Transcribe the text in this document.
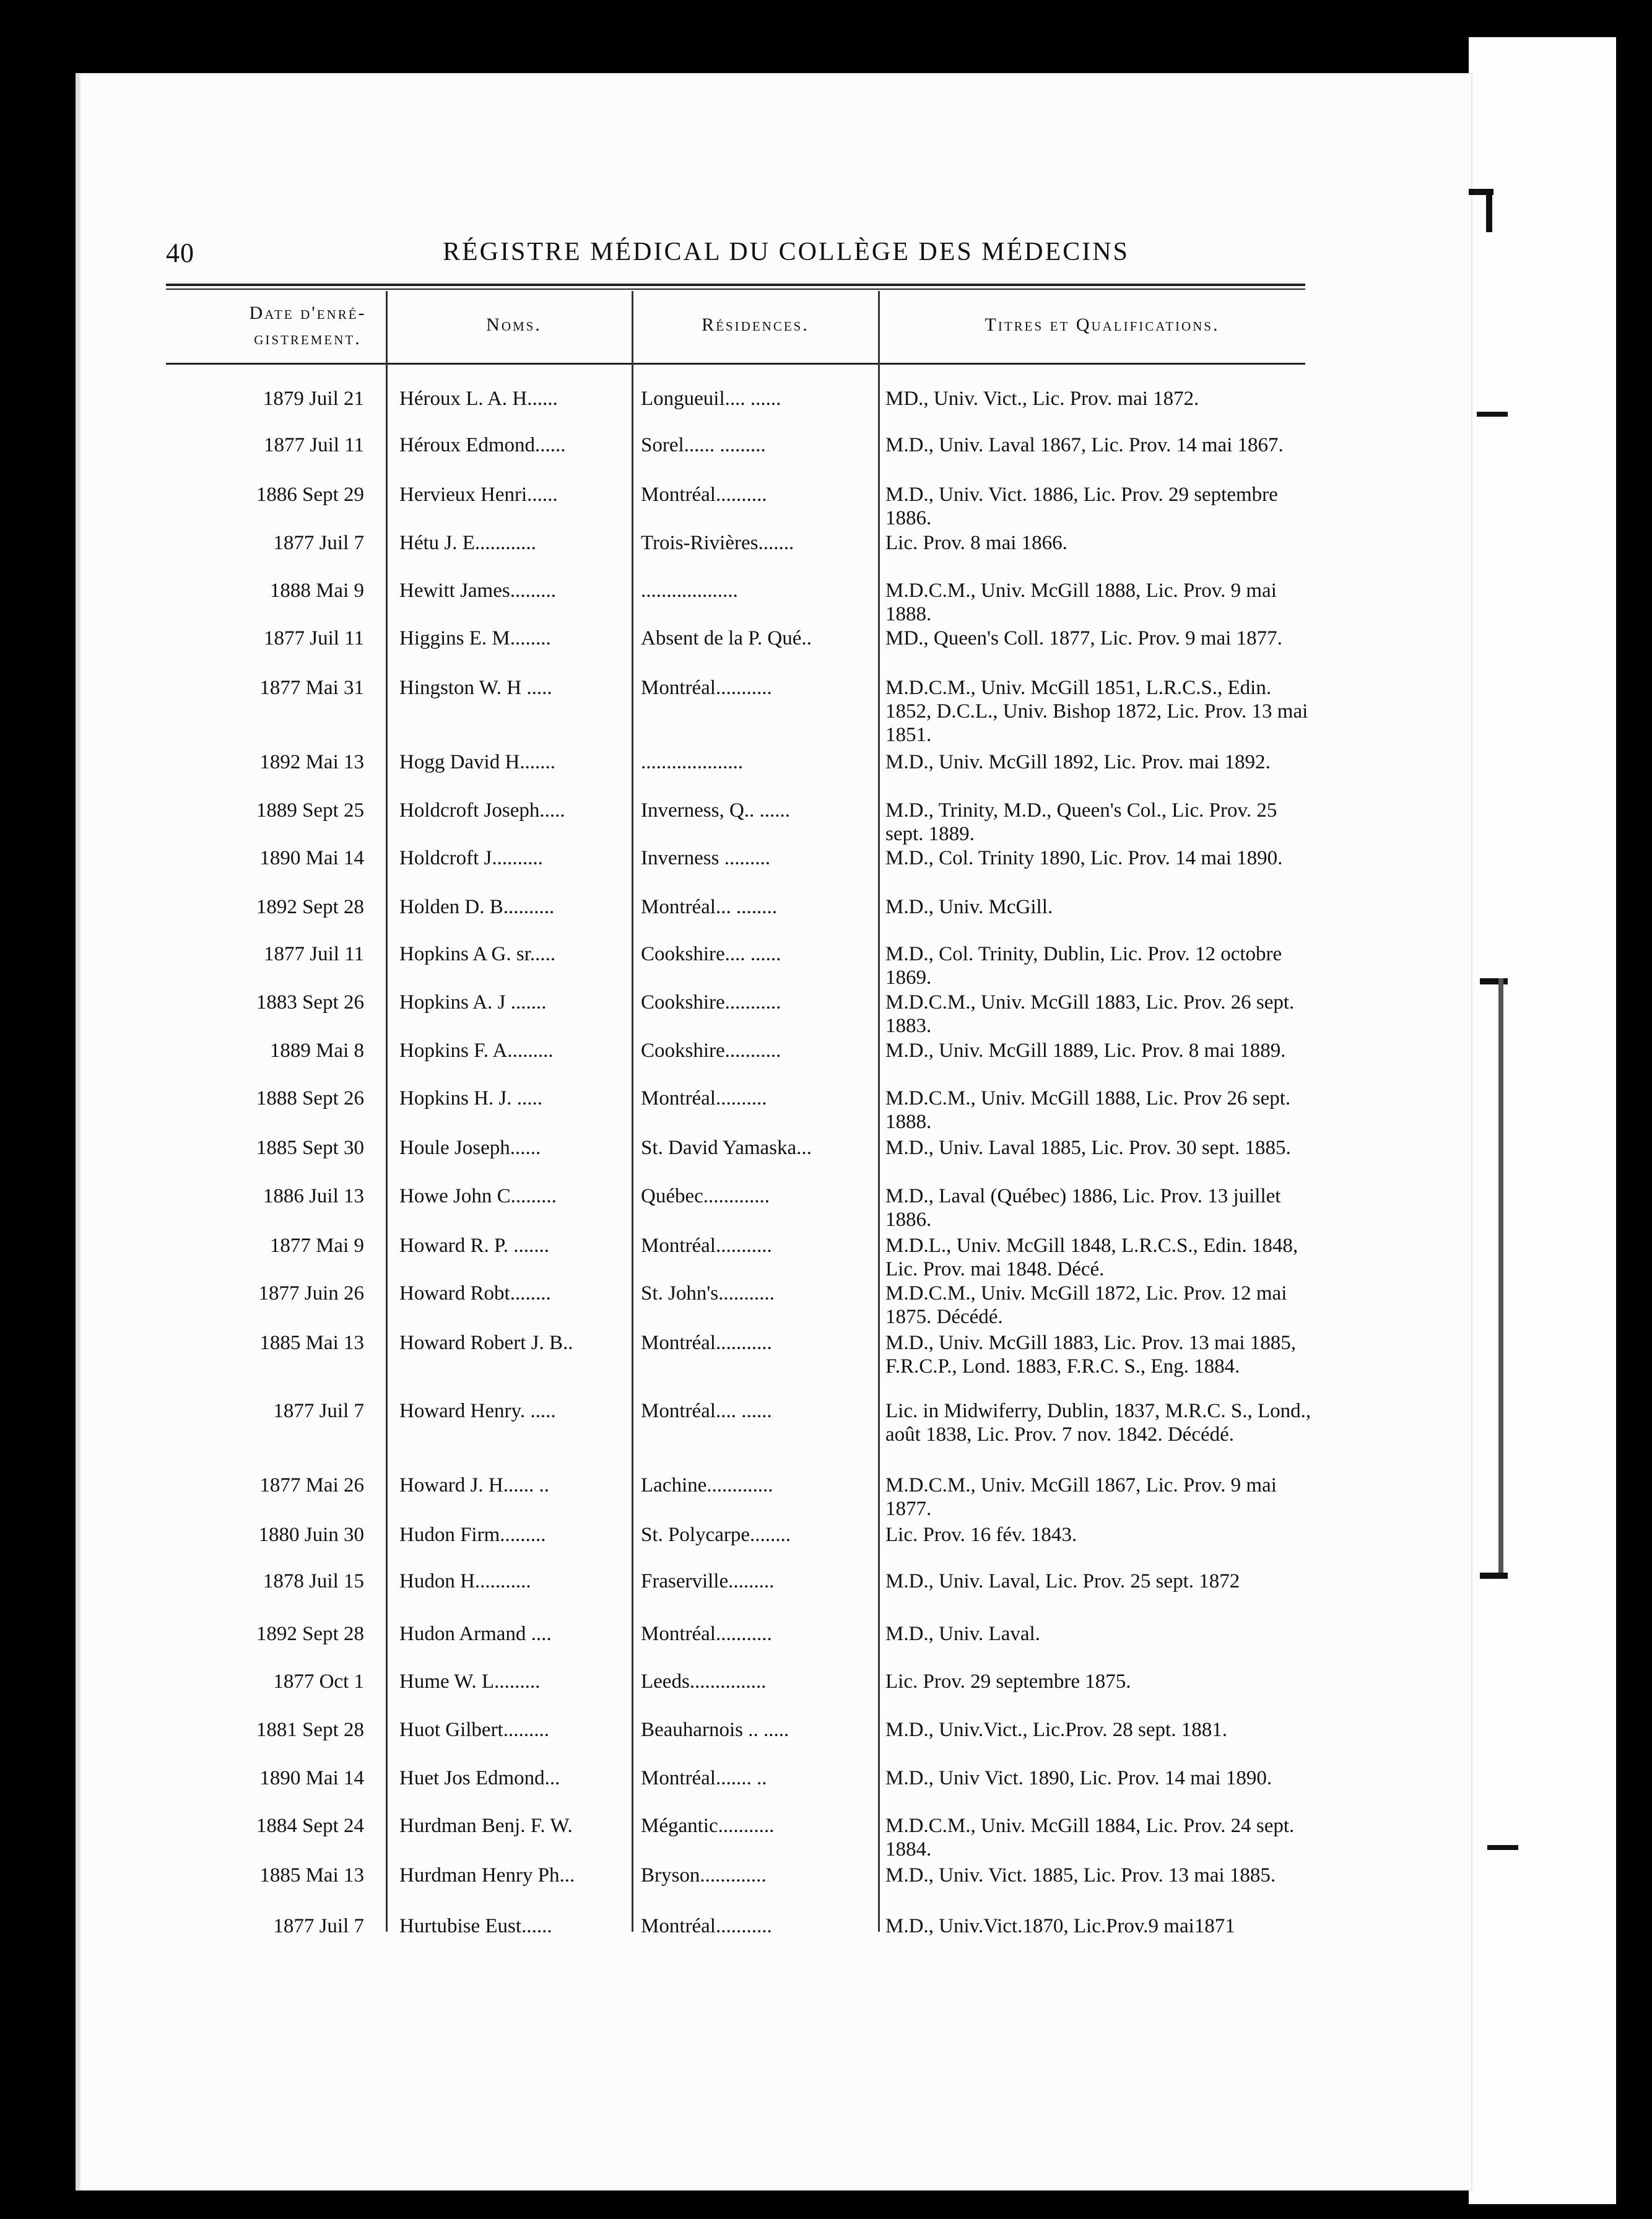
40	RÉGISTRE MÉDICAL DU COLLÈGE DES MÉDECINS
Date d'enré-gistrement.
Noms.	Résidences.	Titres et Qualifications.
1879 Juil 21 Héroux L. A. H......	Longueuil.... ......	MD., Univ. Vict., Lic. Prov. mai 1872.
1877 Juil 11 Héroux Edmond......	Sorel...... .........	M.D., Univ. Laval 1867, Lic. Prov. 14 mai 1867.
1886 Sept 29 Hervieux Henri......	Montréal..........	M.D., Univ. Vict. 1886, Lic. Prov. 29 septembre 1886.
1877 Juil 7 Hétu J. E............	Trois-Rivières.......	Lic. Prov. 8 mai 1866.
1888 Mai 9 Hewitt James.........	...................	M.D.C.M., Univ. McGill 1888, Lic. Prov. 9 mai 1888.
1877 Juil 11 Higgins E. M........	Absent de la P. Qué..	MD., Queen's Coll. 1877, Lic. Prov. 9 mai 1877.
1877 Mai 31 Hingston W. H .....	Montréal...........	M.D.C.M., Univ. McGill 1851, L.R.C.S., Edin. 1852, D.C.L., Univ. Bishop 1872, Lic. Prov. 13 mai 1851.
1892 Mai 13 Hogg David H.......	....................	M.D., Univ. McGill 1892, Lic. Prov. mai 1892.
1889 Sept 25 Holdcroft Joseph.....	Inverness, Q.. ......	M.D., Trinity, M.D., Queen's Col., Lic. Prov. 25 sept. 1889.
1890 Mai 14 Holdcroft J..........	Inverness .........	M.D., Col. Trinity 1890, Lic. Prov. 14 mai 1890.
1892 Sept 28 Holden D. B..........	Montréal... ........	M.D., Univ. McGill.
1877 Juil 11 Hopkins A G. sr.....	Cookshire.... ......	M.D., Col. Trinity, Dublin, Lic. Prov. 12 octobre 1869.
1883 Sept 26 Hopkins A. J .......	Cookshire...........	M.D.C.M., Univ. McGill 1883, Lic. Prov. 26 sept. 1883.
1889 Mai 8 Hopkins F. A.........	Cookshire...........	M.D., Univ. McGill 1889, Lic. Prov. 8 mai 1889.
1888 Sept 26 Hopkins H. J. .....	Montréal..........	M.D.C.M., Univ. McGill 1888, Lic. Prov 26 sept. 1888.
1885 Sept 30 Houle Joseph......	St. David Yamaska...	M.D., Univ. Laval 1885, Lic. Prov. 30 sept. 1885.
1886 Juil 13 Howe John C.........	Québec.............	M.D., Laval (Québec) 1886, Lic. Prov. 13 juillet 1886.
1877 Mai 9 Howard R. P. .......	Montréal...........	M.D.L., Univ. McGill 1848, L.R.C.S., Edin. 1848, Lic. Prov. mai 1848. Décé.
1877 Juin 26 Howard Robt........	St. John's...........	M.D.C.M., Univ. McGill 1872, Lic. Prov. 12 mai 1875. Décédé.
1885 Mai 13 Howard Robert J. B..	Montréal...........	M.D., Univ. McGill 1883, Lic. Prov. 13 mai 1885, F.R.C.P., Lond. 1883, F.R.C. S., Eng. 1884.
1877 Juil 7 Howard Henry. .....	Montréal.... ......	Lic. in Midwiferry, Dublin, 1837, M.R.C. S., Lond., août 1838, Lic. Prov. 7 nov. 1842. Décédé.
1877 Mai 26 Howard J. H...... ..	Lachine.............	M.D.C.M., Univ. McGill 1867, Lic. Prov. 9 mai 1877.
1880 Juin 30 Hudon Firm.........	St. Polycarpe........	Lic. Prov. 16 fév. 1843.
1878 Juil 15 Hudon H...........	Fraserville.........	M.D., Univ. Laval, Lic. Prov. 25 sept. 1872
1892 Sept 28 Hudon Armand ....	Montréal...........	M.D., Univ. Laval.
1877 Oct 1 Hume W. L.........	Leeds...............	Lic. Prov. 29 septembre 1875.
1881 Sept 28 Huot Gilbert.........	Beauharnois .. .....	M.D., Univ.Vict., Lic.Prov. 28 sept. 1881.
1890 Mai 14 Huet Jos Edmond...	Montréal....... ..	M.D., Univ Vict. 1890, Lic. Prov. 14 mai 1890.
1884 Sept 24 Hurdman Benj. F. W.	Mégantic...........	M.D.C.M., Univ. McGill 1884, Lic. Prov. 24 sept. 1884.
1885 Mai 13 Hurdman Henry Ph...	Bryson.............	M.D., Univ. Vict. 1885, Lic. Prov. 13 mai 1885.
1877 Juil 7 Hurtubise Eust......	Montréal...........	M.D., Univ.Vict.1870, Lic.Prov.9 mai1871
